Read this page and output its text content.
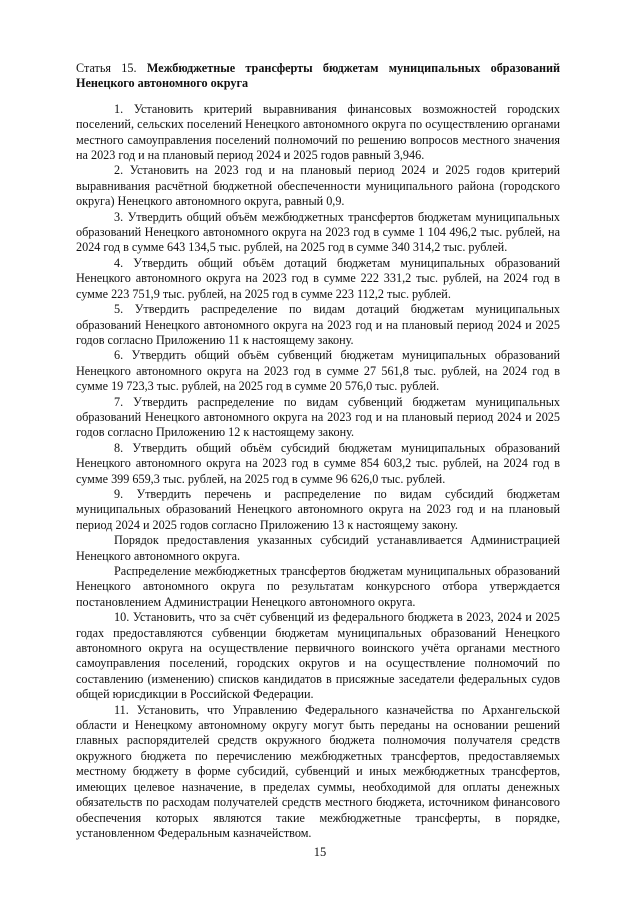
Статья 15. Межбюджетные трансферты бюджетам муниципальных образований Ненецкого автономного округа

1. Установить критерий выравнивания финансовых возможностей городских поселений, сельских поселений Ненецкого автономного округа по осуществлению органами местного самоуправления поселений полномочий по решению вопросов местного значения на 2023 год и на плановый период 2024 и 2025 годов равный 3,946.

2. Установить на 2023 год и на плановый период 2024 и 2025 годов критерий выравнивания расчётной бюджетной обеспеченности муниципального района (городского округа) Ненецкого автономного округа, равный 0,9.

3. Утвердить общий объём межбюджетных трансфертов бюджетам муниципальных образований Ненецкого автономного округа на 2023 год в сумме 1 104 496,2 тыс. рублей, на 2024 год в сумме 643 134,5 тыс. рублей, на 2025 год в сумме 340 314,2 тыс. рублей.

4. Утвердить общий объём дотаций бюджетам муниципальных образований Ненецкого автономного округа на 2023 год в сумме 222 331,2 тыс. рублей, на 2024 год в сумме 223 751,9 тыс. рублей, на 2025 год в сумме 223 112,2 тыс. рублей.

5. Утвердить распределение по видам дотаций бюджетам муниципальных образований Ненецкого автономного округа на 2023 год и на плановый период 2024 и 2025 годов согласно Приложению 11 к настоящему закону.

6. Утвердить общий объём субвенций бюджетам муниципальных образований Ненецкого автономного округа на 2023 год в сумме 27 561,8 тыс. рублей, на 2024 год в сумме 19 723,3 тыс. рублей, на 2025 год в сумме 20 576,0 тыс. рублей.

7. Утвердить распределение по видам субвенций бюджетам муниципальных образований Ненецкого автономного округа на 2023 год и на плановый период 2024 и 2025 годов согласно Приложению 12 к настоящему закону.

8. Утвердить общий объём субсидий бюджетам муниципальных образований Ненецкого автономного округа на 2023 год в сумме 854 603,2 тыс. рублей, на 2024 год в сумме 399 659,3 тыс. рублей, на 2025 год в сумме 96 626,0 тыс. рублей.

9. Утвердить перечень и распределение по видам субсидий бюджетам муниципальных образований Ненецкого автономного округа на 2023 год и на плановый период 2024 и 2025 годов согласно Приложению 13 к настоящему закону.

Порядок предоставления указанных субсидий устанавливается Администрацией Ненецкого автономного округа.

Распределение межбюджетных трансфертов бюджетам муниципальных образований Ненецкого автономного округа по результатам конкурсного отбора утверждается постановлением Администрации Ненецкого автономного округа.

10. Установить, что за счёт субвенций из федерального бюджета в 2023, 2024 и 2025 годах предоставляются субвенции бюджетам муниципальных образований Ненецкого автономного округа на осуществление первичного воинского учёта органами местного самоуправления поселений, городских округов и на осуществление полномочий по составлению (изменению) списков кандидатов в присяжные заседатели федеральных судов общей юрисдикции в Российской Федерации.

11. Установить, что Управлению Федерального казначейства по Архангельской области и Ненецкому автономному округу могут быть переданы на основании решений главных распорядителей средств окружного бюджета полномочия получателя средств окружного бюджета по перечислению межбюджетных трансфертов, предоставляемых местному бюджету в форме субсидий, субвенций и иных межбюджетных трансфертов, имеющих целевое назначение, в пределах суммы, необходимой для оплаты денежных обязательств по расходам получателей средств местного бюджета, источником финансового обеспечения которых являются такие межбюджетные трансферты, в порядке, установленном Федеральным казначейством.

15
